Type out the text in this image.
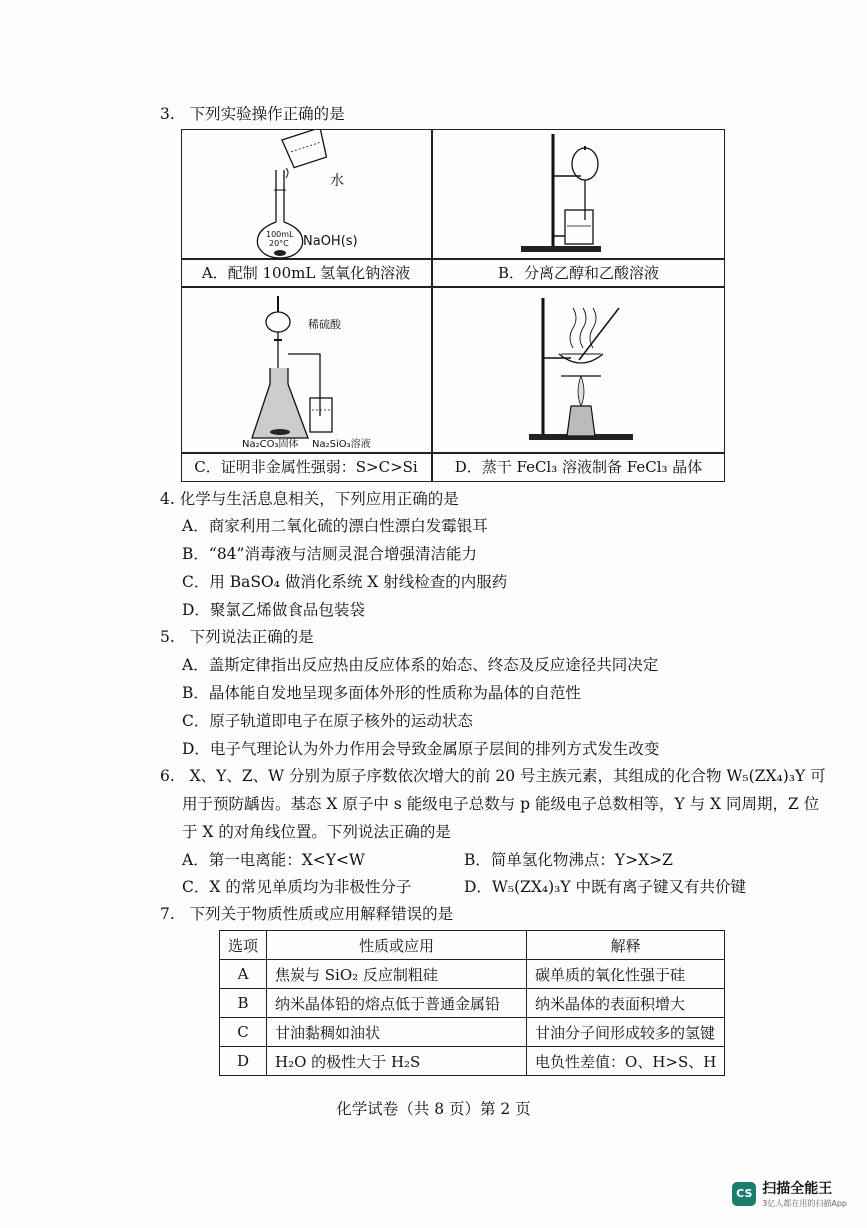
3. 下列实验操作正确的是
水
100mL
20°C NaOH(s)
A．配制 100mL 氢氧化钠溶液	B．分离乙醇和乙酸溶液
稀硫酸
Na₂CO₃固体 Na₂SiO₃溶液
C．证明非金属性强弱：S>C>Si	D．蒸干 FeCl₃ 溶液制备 FeCl₃ 晶体
4. 化学与生活息息相关，下列应用正确的是
A．商家利用二氧化硫的漂白性漂白发霉银耳
B．“84”消毒液与洁厕灵混合增强清洁能力
C．用 BaSO₄ 做消化系统 X 射线检查的内服药
D．聚氯乙烯做食品包装袋
5. 下列说法正确的是
A．盖斯定律指出反应热由反应体系的始态、终态及反应途径共同决定
B．晶体能自发地呈现多面体外形的性质称为晶体的自范性
C．原子轨道即电子在原子核外的运动状态
D．电子气理论认为外力作用会导致金属原子层间的排列方式发生改变
6. X、Y、Z、W 分别为原子序数依次增大的前 20 号主族元素，其组成的化合物 W₅(ZX₄)₃Y 可
用于预防龋齿。基态 X 原子中 s 能级电子总数与 p 能级电子总数相等，Y 与 X 同周期，Z 位
于 X 的对角线位置。下列说法正确的是
A．第一电离能：X<Y<W	B．简单氢化物沸点：Y>X>Z
C．X 的常见单质均为非极性分子	D．W₅(ZX₄)₃Y 中既有离子键又有共价键
7. 下列关于物质性质或应用解释错误的是
选项	性质或应用	解释
A	焦炭与 SiO₂ 反应制粗硅	碳单质的氧化性强于硅
B	纳米晶体铅的熔点低于普通金属铅	纳米晶体的表面积增大
C	甘油黏稠如油状	甘油分子间形成较多的氢键
D	H₂O 的极性大于 H₂S	电负性差值：O、H>S、H
化学试卷（共 8 页）第 2 页
CS 扫描全能王
3亿人都在用的扫描App
